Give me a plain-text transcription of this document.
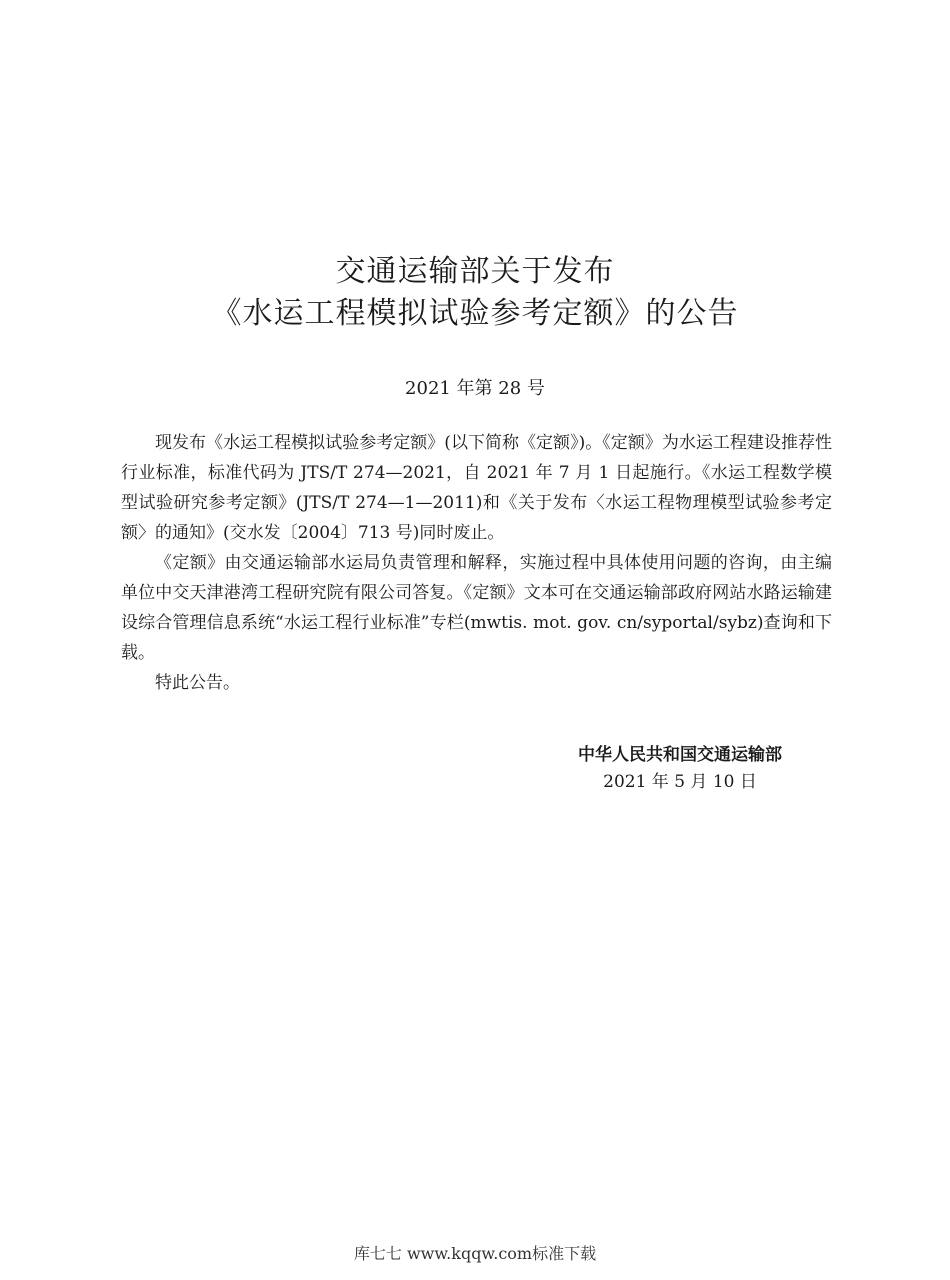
交通运输部关于发布
《水运工程模拟试验参考定额》的公告
2021 年第 28 号

现发布《水运工程模拟试验参考定额》(以下简称《定额》)。《定额》为水运工程建设推荐性行业标准，标准代码为 JTS/T 274—2021，自 2021 年 7 月 1 日起施行。《水运工程数学模型试验研究参考定额》(JTS/T 274—1—2011)和《关于发布〈水运工程物理模型试验参考定额〉的通知》(交水发〔2004〕713 号)同时废止。

《定额》由交通运输部水运局负责管理和解释，实施过程中具体使用问题的咨询，由主编单位中交天津港湾工程研究院有限公司答复。《定额》文本可在交通运输部政府网站水路运输建设综合管理信息系统“水运工程行业标准”专栏(mwtis. mot. gov. cn/syportal/sybz)查询和下载。

特此公告。

中华人民共和国交通运输部
2021 年 5 月 10 日
库七七 www.kqqw.com标准下载
